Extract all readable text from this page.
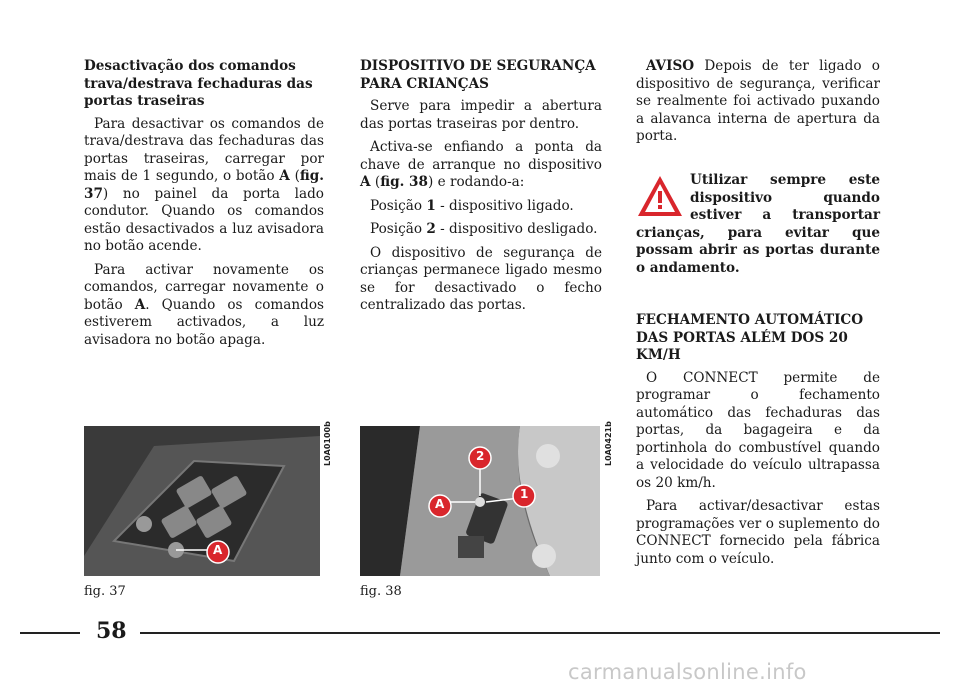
Desactivação dos comandos trava/destrava fechaduras das portas traseiras

Para desactivar os comandos de trava/destrava das fechaduras das portas traseiras, carregar por mais de 1 segundo, o botão A (fig. 37) no painel da porta lado condutor. Quando os comandos estão desactivados a luz avisadora no botão acende.

Para activar novamente os comandos, carregar novamente o botão A. Quando os comandos estiverem activados, a luz avisadora no botão apaga.

DISPOSITIVO DE SEGURANÇA PARA CRIANÇAS

Serve para impedir a abertura das portas traseiras por dentro.

Activa-se enfiando a ponta da chave de arranque no dispositivo A (fig. 38) e rodando-a:

Posição 1 - dispositivo ligado.

Posição 2 - dispositivo desligado.

O dispositivo de segurança de crianças permanece ligado mesmo se for desactivado o fecho centralizado das portas.

AVISO Depois de ter ligado o dispositivo de segurança, verificar se realmente foi activado puxando a alavanca interna de apertura da porta.

Utilizar sempre este dispositivo quando estiver a transportar crianças, para evitar que possam abrir as portas durante o andamento.
FECHAMENTO AUTOMÁTICO DAS PORTAS ALÉM DOS 20 KM/H

O CONNECT permite de programar o fechamento automático das fechaduras das portas, da bagageira e da portinhola do combustível quando a velocidade do veículo ultrapassa os 20 km/h.

Para activar/desactivar estas programações ver o suplemento do CONNECT fornecido pela fábrica junto com o veículo.

A
L0A0100b
fig. 37
A
1
2	L0A0421b
fig. 38
58
carmanualsonline.info
